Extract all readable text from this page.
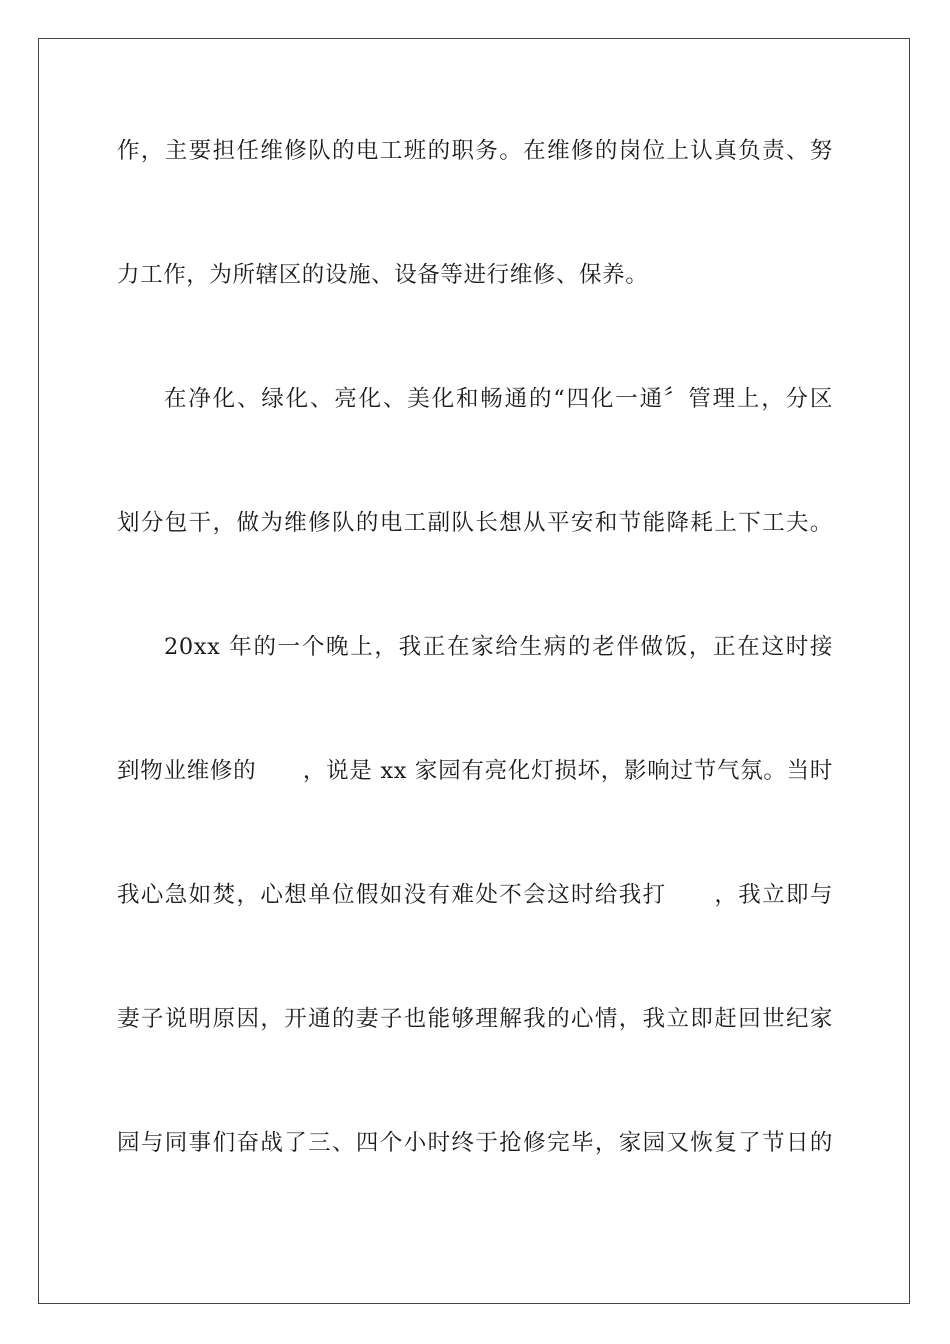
作，主要担任维修队的电工班的职务。在维修的岗位上认真负责、努
力工作，为所辖区的设施、设备等进行维修、保养。
在净化、绿化、亮化、美化和畅通的“四化一通〞管理上，分区
划分包干，做为维修队的电工副队长想从平安和节能降耗上下工夫。
20xx 年的一个晚上，我正在家给生病的老伴做饭，正在这时接
到物业维修的　　，说是 xx 家园有亮化灯损坏，影响过节气氛。当时
我心急如焚，心想单位假如没有难处不会这时给我打　　，我立即与
妻子说明原因，开通的妻子也能够理解我的心情，我立即赶回世纪家
园与同事们奋战了三、四个小时终于抢修完毕，家园又恢复了节日的
